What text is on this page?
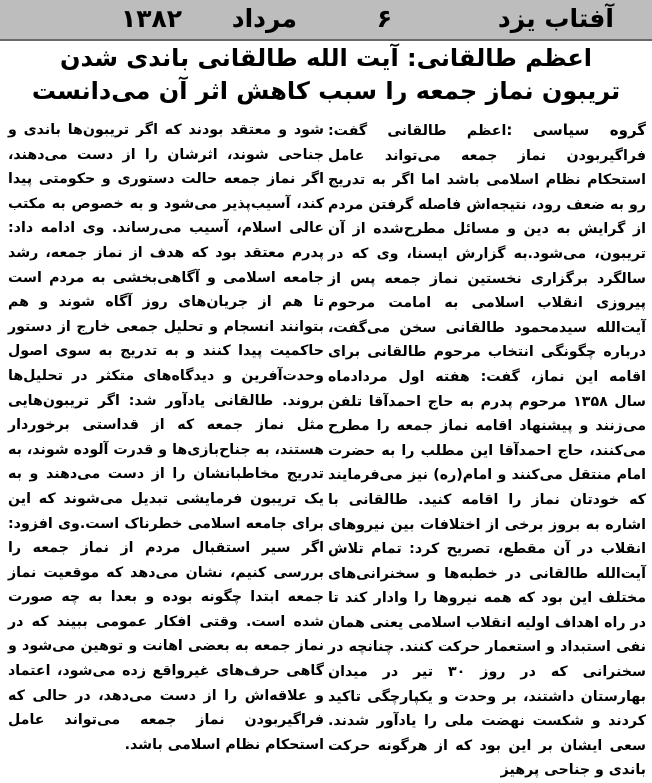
آفتاب یزد
۶
مرداد
۱۳۸۲
اعظم طالقانی: آیت الله طالقانی باندی شدن
تریبون نماز جمعه را سبب کاهش اثر آن می‌دانست

گروه سیاسی :اعظم طالقانی گفت: فراگیربودن نماز جمعه می‌تواند عامل استحکام نظام اسلامی باشد اما اگر به تدریج رو به ضعف رود، نتیجه‌اش فاصله گرفتن مردم از گرایش به دین و مسائل مطرح‌شده از آن تریبون، می‌شود.به گزارش ایسنا، وی که در سالگرد برگزاری نخستین نماز جمعه پس از پیروزی انقلاب اسلامی به امامت مرحوم آیت‌الله سیدمحمود طالقانی سخن می‌گفت، درباره چگونگی انتخاب مرحوم طالقانی برای اقامه این نماز، گفت: هفته اول مردادماه سال ۱۳۵۸ مرحوم پدرم به حاج احمدآقا تلفن می‌زنند و پیشنهاد اقامه نماز جمعه را مطرح می‌کنند، حاج احمدآقا این مطلب را به حضرت امام منتقل می‌کنند و امام(ره) نیز می‌فرمایند که خودتان نماز را اقامه کنید. طالقانی با اشاره به بروز برخی از اختلافات بین نیروهای انقلاب در آن مقطع، تصریح کرد: تمام تلاش آیت‌الله طالقانی در خطبه‌ها و سخنرانی‌های مختلف این بود که همه نیروها را وادار کند تا در راه اهداف اولیه انقلاب اسلامی یعنی همان نفی استبداد و استعمار حرکت کنند. چنانچه در سخنرانی که در روز ۳۰ تیر در میدان بهارستان داشتند، بر وحدت و یکپارچگی تاکید کردند و شکست نهضت ملی را یادآور شدند. سعی ایشان بر این بود که از هرگونه حرکت باندی و جناحی پرهیز

شود و معتقد بودند که اگر تریبون‌ها باندی و جناحی شوند، اثرشان را از دست می‌دهند، اگر نماز جمعه حالت دستوری و حکومتی پیدا کند، آسیب‌پذیر می‌شود و به خصوص به مکتب عالی اسلام، آسیب می‌رساند. وی ادامه داد: پدرم معتقد بود که هدف از نماز جمعه، رشد جامعه اسلامی و آگاهی‌بخشی به مردم است تا هم از جریان‌های روز آگاه شوند و هم بتوانند انسجام و تحلیل جمعی خارج از دستور حاکمیت پیدا کنند و به تدریج به سوی اصول وحدت‌آفرین و دیدگاه‌های متکثر در تحلیل‌ها بروند. طالقانی یادآور شد: اگر تریبون‌هایی مثل نماز جمعه که از قداستی برخوردار هستند، به جناح‌بازی‌ها و قدرت آلوده شوند، به تدریج مخاطبانشان را از دست می‌دهند و به یک تریبون فرمایشی تبدیل می‌شوند که این برای جامعه اسلامی خطرناک است.وی افزود: اگر سیر استقبال مردم از نماز جمعه را بررسی کنیم، نشان می‌دهد که موقعیت نماز جمعه ابتدا چگونه بوده و بعدا به چه صورت شده است. وقتی افکار عمومی ببیند که در نماز جمعه به بعضی اهانت و توهین می‌شود و گاهی حرف‌های غیرواقع زده می‌شود، اعتماد و علاقه‌اش را از دست می‌دهد، در حالی که فراگیربودن نماز جمعه می‌تواند عامل استحکام نظام اسلامی باشد.
